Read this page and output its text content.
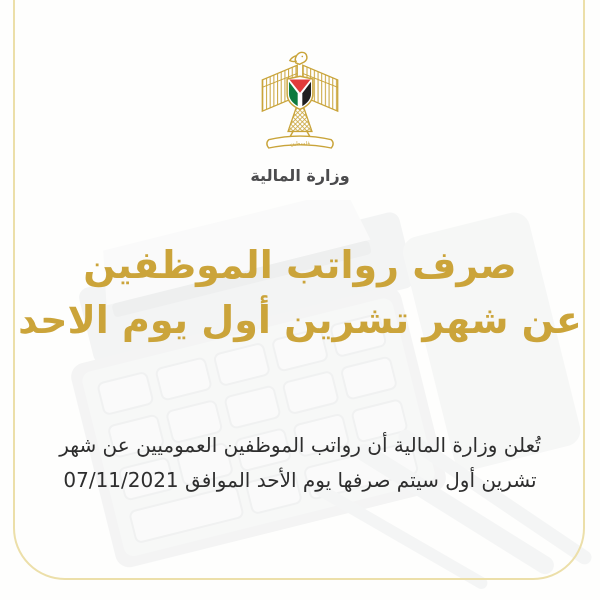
فلسطين
وزارة المالية
صرف رواتب الموظفين
عن شهر تشرين أول يوم الاحد
تُعلن وزارة المالية أن رواتب الموظفين العموميين عن شهر
تشرين أول سيتم صرفها يوم الأحد الموافق 07/11/2021
